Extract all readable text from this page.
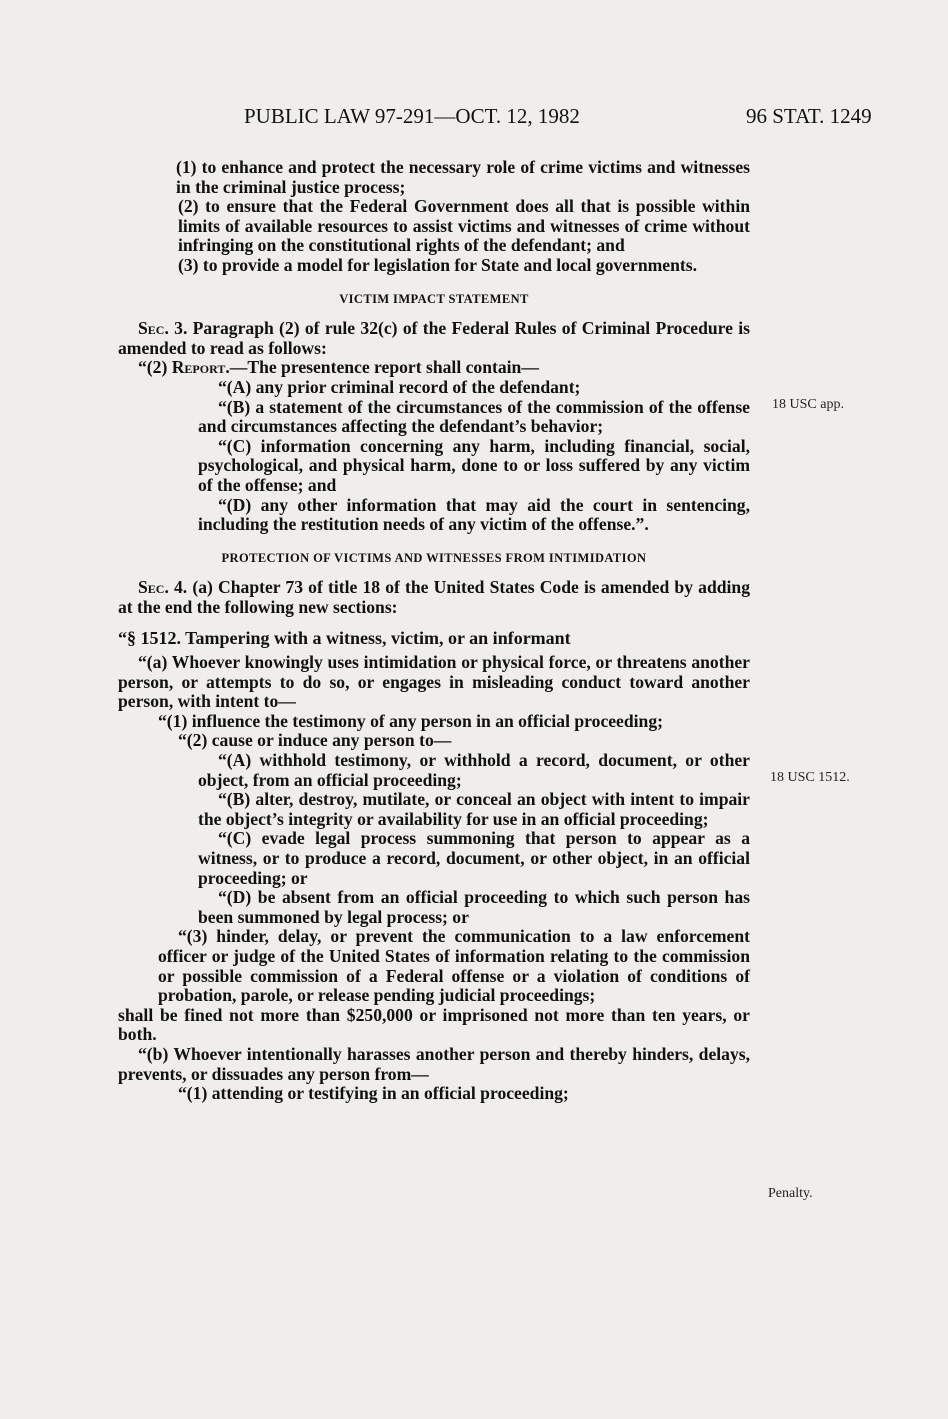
PUBLIC LAW 97-291—OCT. 12, 1982	96 STAT. 1249
18 USC app.
18 USC 1512.
Penalty.

(1) to enhance and protect the necessary role of crime victims and witnesses in the criminal justice process;

(2) to ensure that the Federal Government does all that is possible within limits of available resources to assist victims and witnesses of crime without infringing on the constitutional rights of the defendant; and

(3) to provide a model for legislation for State and local governments.

VICTIM IMPACT STATEMENT

Sec. 3. Paragraph (2) of rule 32(c) of the Federal Rules of Criminal Procedure is amended to read as follows:

“(2) Report.—The presentence report shall contain—

“(A) any prior criminal record of the defendant;

“(B) a statement of the circumstances of the commission of the offense and circumstances affecting the defendant’s behavior;

“(C) information concerning any harm, including financial, social, psychological, and physical harm, done to or loss suffered by any victim of the offense; and

“(D) any other information that may aid the court in sentencing, including the restitution needs of any victim of the offense.”.

PROTECTION OF VICTIMS AND WITNESSES FROM INTIMIDATION

Sec. 4. (a) Chapter 73 of title 18 of the United States Code is amended by adding at the end the following new sections:

“§ 1512. Tampering with a witness, victim, or an informant

“(a) Whoever knowingly uses intimidation or physical force, or threatens another person, or attempts to do so, or engages in misleading conduct toward another person, with intent to—

“(1) influence the testimony of any person in an official proceeding;

“(2) cause or induce any person to—

“(A) withhold testimony, or withhold a record, document, or other object, from an official proceeding;

“(B) alter, destroy, mutilate, or conceal an object with intent to impair the object’s integrity or availability for use in an official proceeding;

“(C) evade legal process summoning that person to appear as a witness, or to produce a record, document, or other object, in an official proceeding; or

“(D) be absent from an official proceeding to which such person has been summoned by legal process; or

“(3) hinder, delay, or prevent the communication to a law enforcement officer or judge of the United States of information relating to the commission or possible commission of a Federal offense or a violation of conditions of probation, parole, or release pending judicial proceedings;

shall be fined not more than $250,000 or imprisoned not more than ten years, or both.

“(b) Whoever intentionally harasses another person and thereby hinders, delays, prevents, or dissuades any person from—

“(1) attending or testifying in an official proceeding;
